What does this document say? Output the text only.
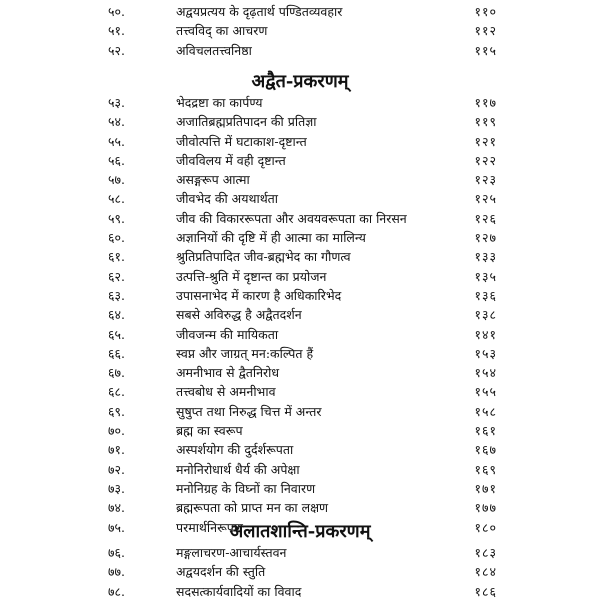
५०.	अद्वयप्रत्यय के दृढ़तार्थ पण्डितव्यवहार	११०
५१.	तत्त्वविद् का आचरण	११२
५२.	अविचलतत्त्वनिष्ठा	११५
अद्वैत-प्रकरणम्
५३.	भेदद्रष्टा का कार्पण्य	११७
५४.	अजातिब्रह्मप्रतिपादन की प्रतिज्ञा	११९
५५.	जीवोत्पत्ति में घटाकाश-दृष्टान्त	१२१
५६.	जीवविलय में वही दृष्टान्त	१२२
५७.	असङ्गरूप आत्मा	१२३
५८.	जीवभेद की अयथार्थता	१२५
५९.	जीव की विकाररूपता और अवयवरूपता का निरसन	१२६
६०.	अज्ञानियों की दृष्टि में ही आत्मा का मालिन्य	१२७
६१.	श्रुतिप्रतिपादित जीव-ब्रह्मभेद का गौणत्व	१३३
६२.	उत्पत्ति-श्रुति में दृष्टान्त का प्रयोजन	१३५
६३.	उपासनाभेद में कारण है अधिकारिभेद	१३६
६४.	सबसे अविरुद्ध है अद्वैतदर्शन	१३८
६५.	जीवजन्म की मायिकता	१४१
६६.	स्वप्न और जाग्रत् मन:कल्पित हैं	१५३
६७.	अमनीभाव से द्वैतनिरोध	१५४
६८.	तत्त्वबोध से अमनीभाव	१५५
६९.	सुषुप्त तथा निरुद्ध चित्त में अन्तर	१५८
७०.	ब्रह्म का स्वरूप	१६१
७१.	अस्पर्शयोग की दुर्दर्शरूपता	१६७
७२.	मनोनिरोधार्थ धैर्य की अपेक्षा	१६९
७३.	मनोनिग्रह के विघ्नों का निवारण	१७१
७४.	ब्रह्मरूपता को प्राप्त मन का लक्षण	१७७
७५.	परमार्थनिरूपण	१८०
अलातशान्ति-प्रकरणम्
७६.	मङ्गलाचरण-आचार्यस्तवन	१८३
७७.	अद्वयदर्शन की स्तुति	१८४
७८.	सदसत्कार्यवादियों का विवाद	१८६
